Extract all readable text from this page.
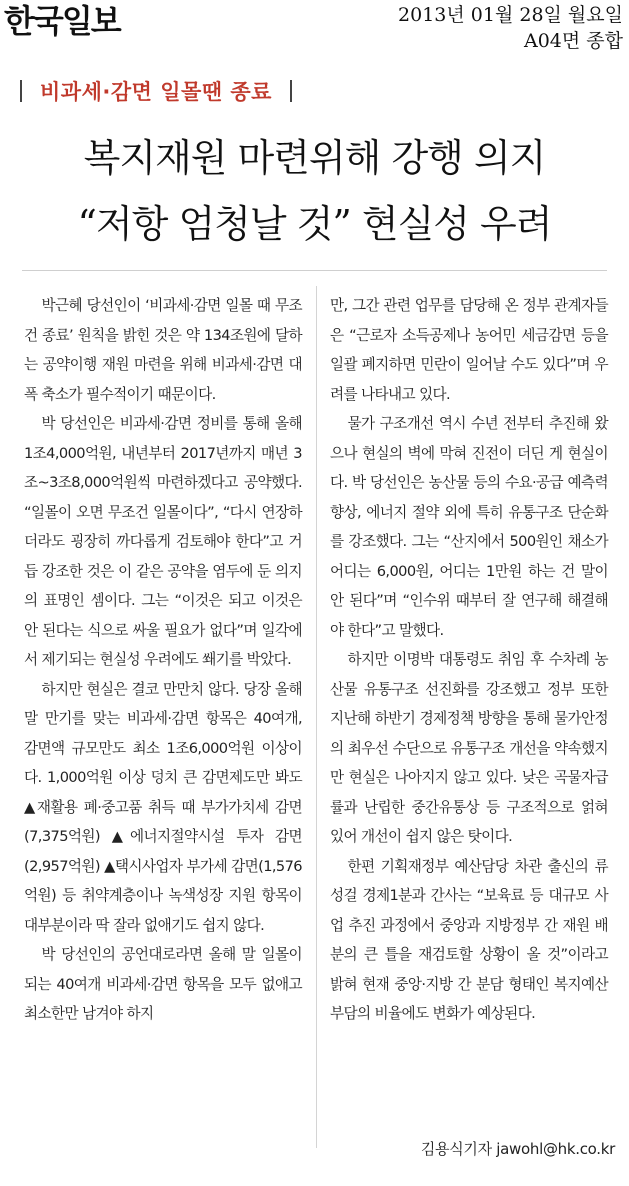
한국일보	2013년 01월 28일 월요일
A04면 종합
비과세·감면 일몰땐 종료
복지재원 마련위해 강행 의지
“저항 엄청날 것” 현실성 우려

박근혜 당선인이 ‘비과세·감면 일몰 때 무조건 종료’ 원칙을 밝힌 것은 약 134조원에 달하는 공약이행 재원 마련을 위해 비과세·감면 대폭 축소가 필수적이기 때문이다.

박 당선인은 비과세·감면 정비를 통해 올해 1조4,000억원, 내년부터 2017년까지 매년 3조~3조8,000억원씩 마련하겠다고 공약했다. “일몰이 오면 무조건 일몰이다”, “다시 연장하더라도 굉장히 까다롭게 검토해야 한다”고 거듭 강조한 것은 이 같은 공약을 염두에 둔 의지의 표명인 셈이다. 그는 “이것은 되고 이것은 안 된다는 식으로 싸울 필요가 없다”며 일각에서 제기되는 현실성 우려에도 쐐기를 박았다.

하지만 현실은 결코 만만치 않다. 당장 올해 말 만기를 맞는 비과세·감면 항목은 40여개, 감면액 규모만도 최소 1조6,000억원 이상이다. 1,000억원 이상 덩치 큰 감면제도만 봐도 ▲재활용 폐·중고품 취득 때 부가가치세 감면(7,375억원) ▲에너지절약시설 투자 감면(2,957억원) ▲택시사업자 부가세 감면(1,576억원) 등 취약계층이나 녹색성장 지원 항목이 대부분이라 딱 잘라 없애기도 쉽지 않다.

박 당선인의 공언대로라면 올해 말 일몰이 되는 40여개 비과세·감면 항목을 모두 없애고 최소한만 남겨야 하지

만, 그간 관련 업무를 담당해 온 정부 관계자들은 “근로자 소득공제나 농어민 세금감면 등을 일괄 폐지하면 민란이 일어날 수도 있다”며 우려를 나타내고 있다.

물가 구조개선 역시 수년 전부터 추진해 왔으나 현실의 벽에 막혀 진전이 더딘 게 현실이다. 박 당선인은 농산물 등의 수요·공급 예측력 향상, 에너지 절약 외에 특히 유통구조 단순화를 강조했다. 그는 “산지에서 500원인 채소가 어디는 6,000원, 어디는 1만원 하는 건 말이 안 된다”며 “인수위 때부터 잘 연구해 해결해야 한다”고 말했다.

하지만 이명박 대통령도 취임 후 수차례 농산물 유통구조 선진화를 강조했고 정부 또한 지난해 하반기 경제정책 방향을 통해 물가안정의 최우선 수단으로 유통구조 개선을 약속했지만 현실은 나아지지 않고 있다. 낮은 곡물자급률과 난립한 중간유통상 등 구조적으로 얽혀 있어 개선이 쉽지 않은 탓이다.

한편 기획재정부 예산담당 차관 출신의 류성걸 경제1분과 간사는 “보육료 등 대규모 사업 추진 과정에서 중앙과 지방정부 간 재원 배분의 큰 틀을 재검토할 상황이 올 것”이라고 밝혀 현재 중앙·지방 간 분담 형태인 복지예산 부담의 비율에도 변화가 예상된다.

김용식기자 jawohl@hk.co.kr
